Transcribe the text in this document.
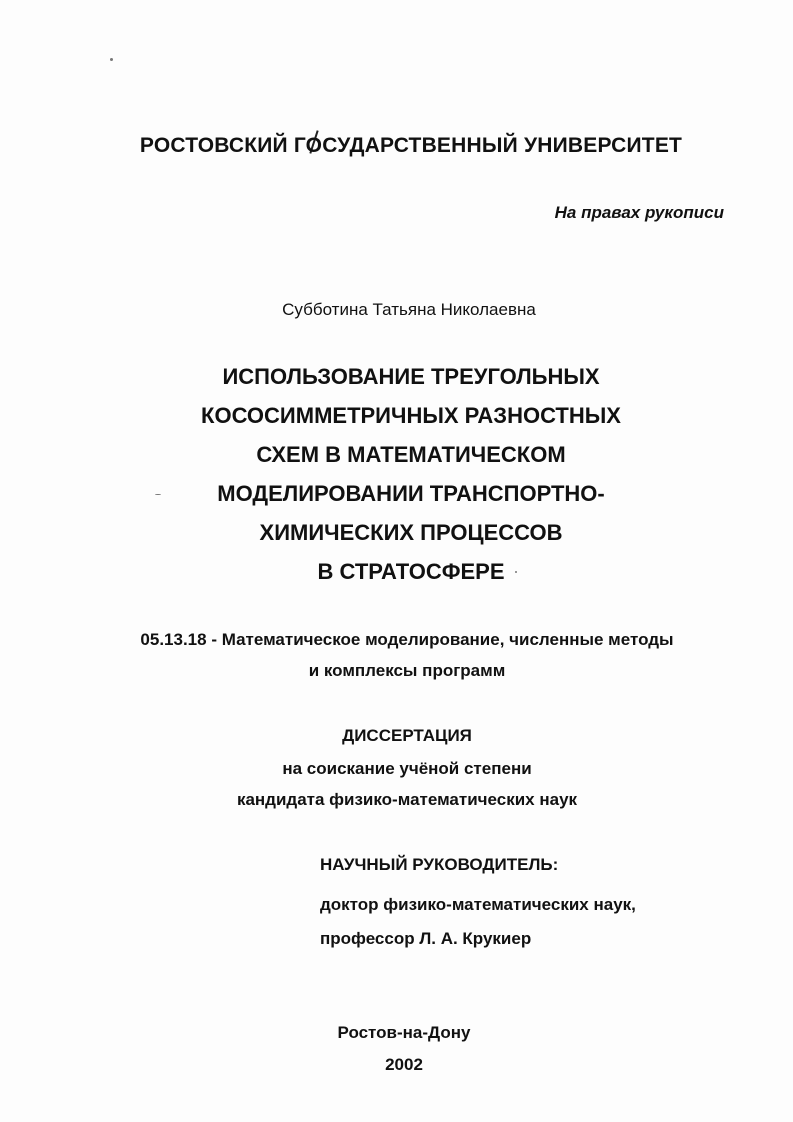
РОСТОВСКИЙ ГОСУДАРСТВЕННЫЙ УНИВЕРСИТЕТ
На правах рукописи
Субботина Татьяна Николаевна
ИСПОЛЬЗОВАНИЕ ТРЕУГОЛЬНЫХ
КОСОСИММЕТРИЧНЫХ РАЗНОСТНЫХ
СХЕМ В МАТЕМАТИЧЕСКОМ
МОДЕЛИРОВАНИИ ТРАНСПОРТНО-
ХИМИЧЕСКИХ ПРОЦЕССОВ
В СТРАТОСФЕРЕ
05.13.18 - Математическое моделирование, численные методы
и комплексы программ
ДИССЕРТАЦИЯ
на соискание учёной степени
кандидата физико-математических наук
НАУЧНЫЙ РУКОВОДИТЕЛЬ:
доктор физико-математических наук,
профессор Л. А. Крукиер
Ростов-на-Дону
2002
